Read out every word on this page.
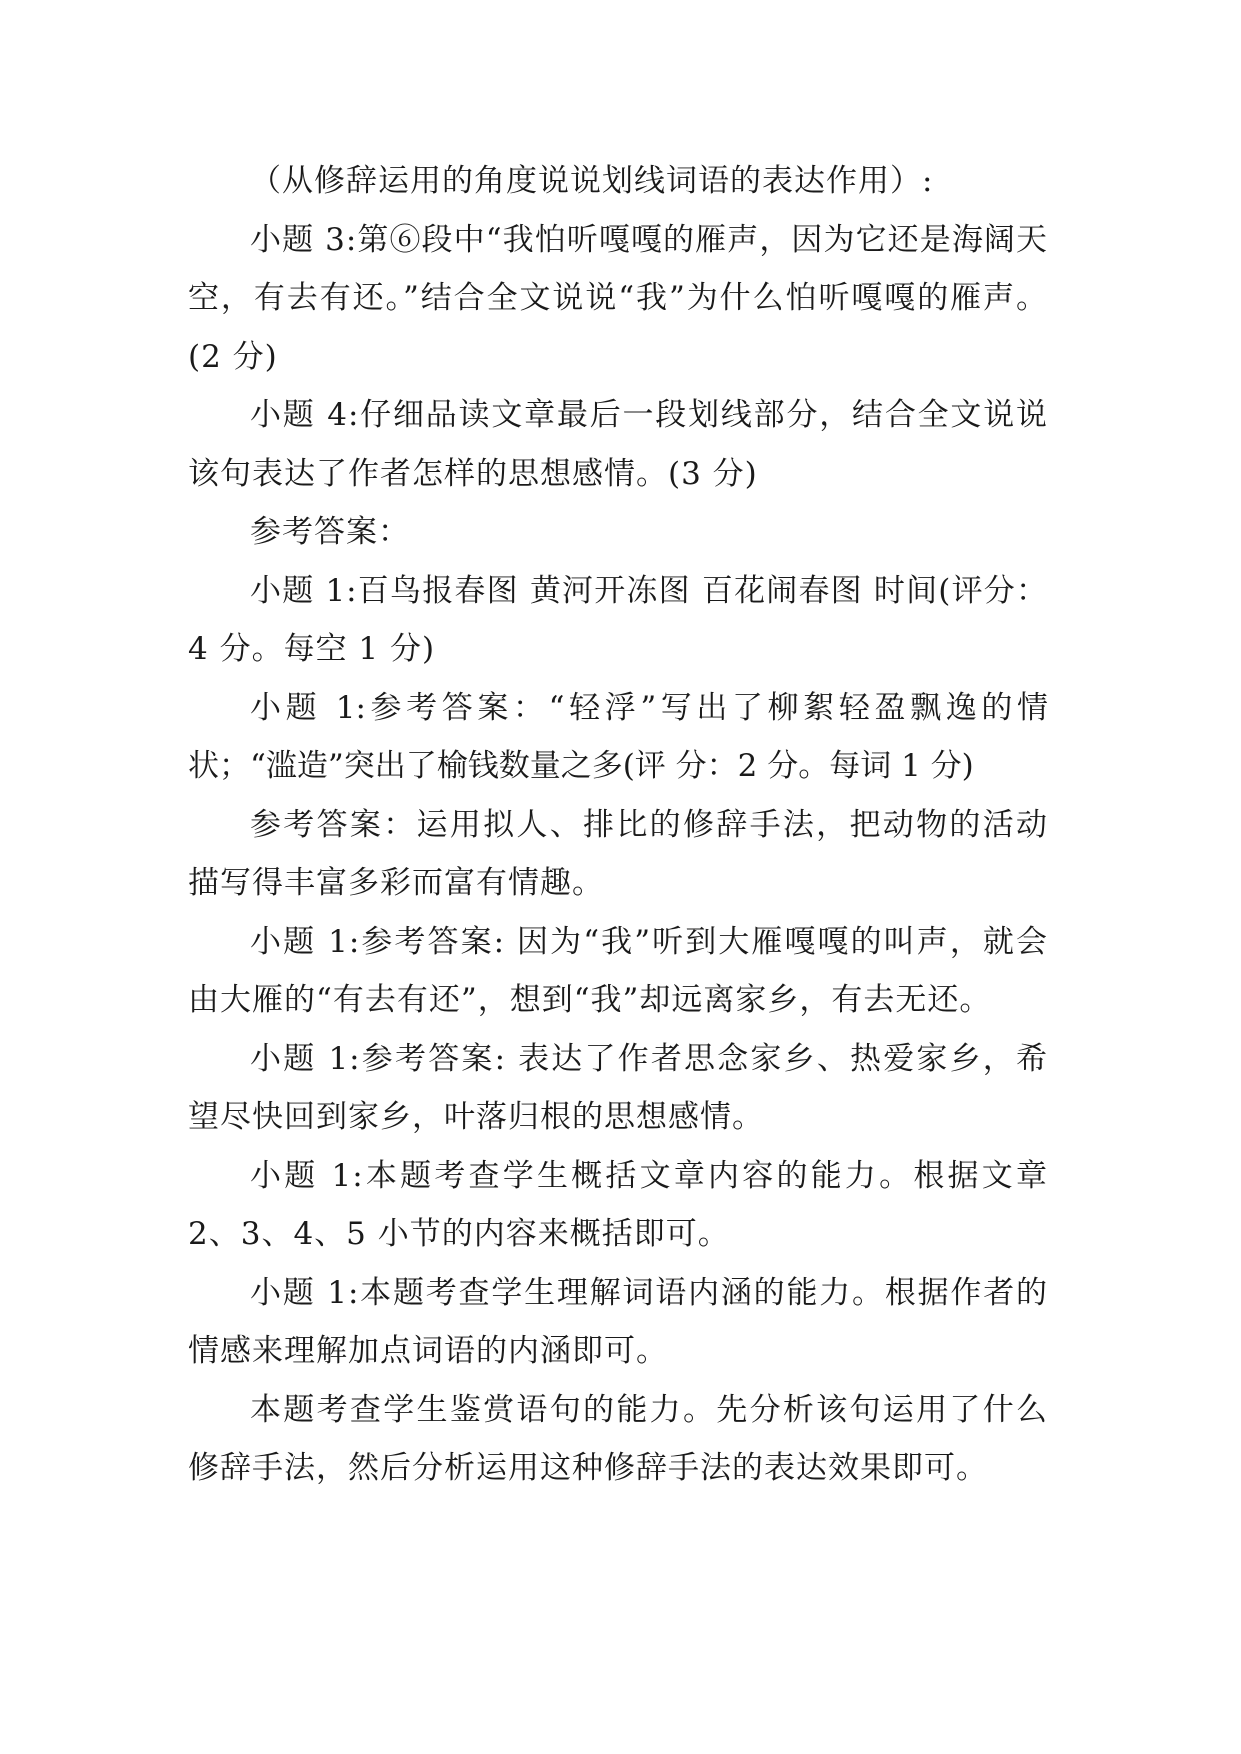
（从修辞运用的角度说说划线词语的表达作用）:

小题 3:第⑥段中“我怕听嘎嘎的雁声，因为它还是海阔天空，有去有还。”结合全文说说“我”为什么怕听嘎嘎的雁声。(2 分)

小题 4:仔细品读文章最后一段划线部分，结合全文说说该句表达了作者怎样的思想感情。(3 分)

参考答案：

小题 1:百鸟报春图 黄河开冻图 百花闹春图 时间(评分：4 分。每空 1 分)

小题 1:参考答案：“轻浮”写出了柳絮轻盈飘逸的情状；“滥造”突出了榆钱数量之多(评 分：2 分。每词 1 分)

参考答案：运用拟人、排比的修辞手法，把动物的活动描写得丰富多彩而富有情趣。

小题 1:参考答案: 因为“我”听到大雁嘎嘎的叫声，就会由大雁的“有去有还”，想到“我”却远离家乡，有去无还。

小题 1:参考答案: 表达了作者思念家乡、热爱家乡，希望尽快回到家乡，叶落归根的思想感情。

小题 1:本题考查学生概括文章内容的能力。根据文章2、3、4、5 小节的内容来概括即可。

小题 1:本题考查学生理解词语内涵的能力。根据作者的情感来理解加点词语的内涵即可。

本题考查学生鉴赏语句的能力。先分析该句运用了什么修辞手法，然后分析运用这种修辞手法的表达效果即可。
